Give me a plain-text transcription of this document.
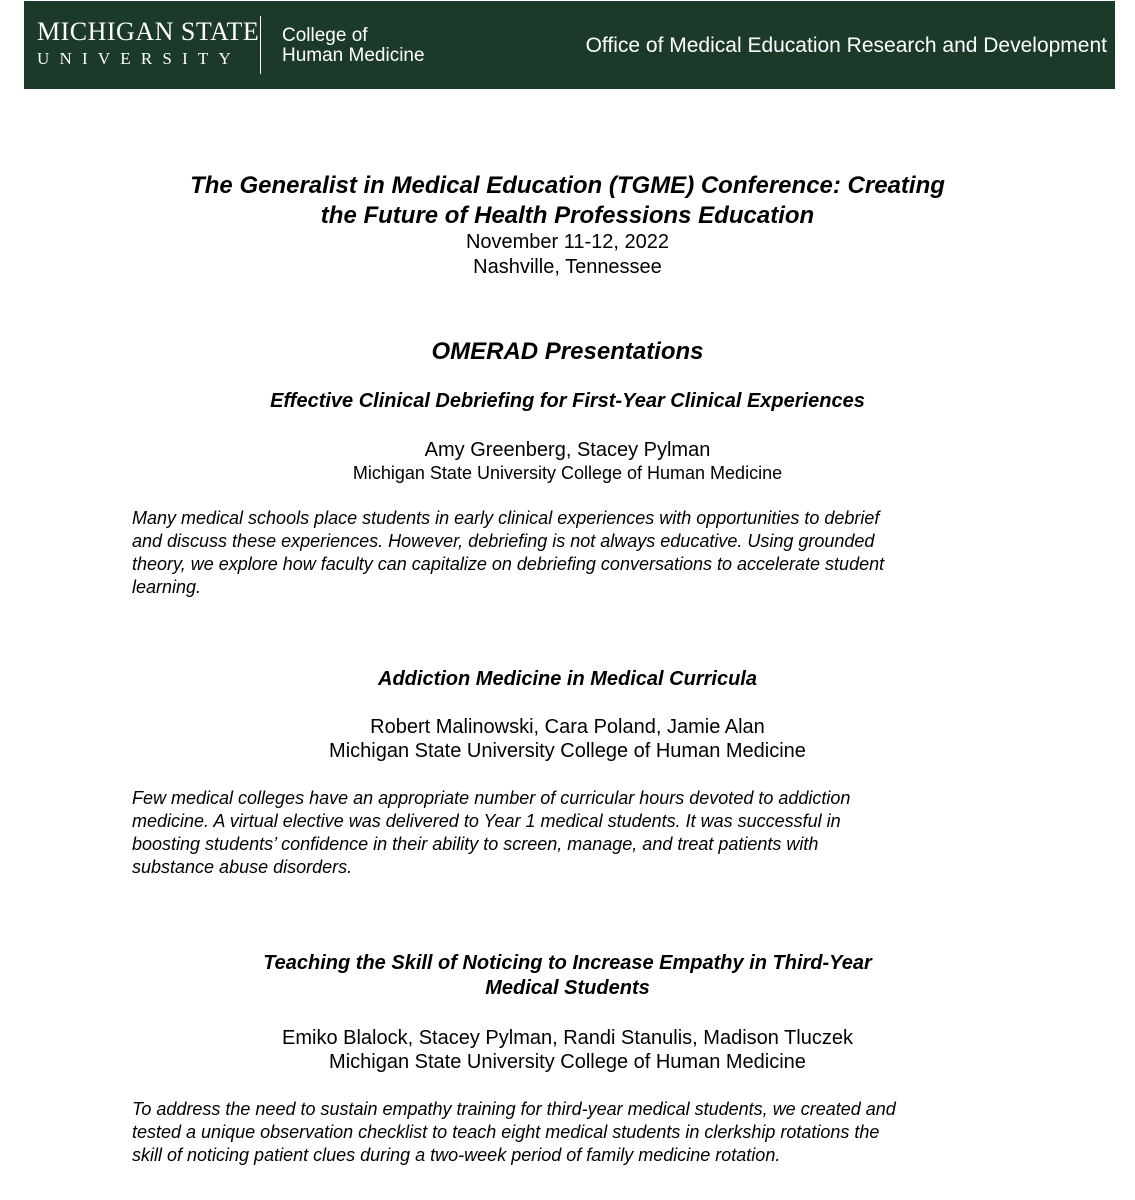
MICHIGAN STATE
UNIVERSITY
College of
Human Medicine	Office of Medical Education Research and Development
The Generalist in Medical Education (TGME) Conference: Creating
the Future of Health Professions Education
November 11-12, 2022
Nashville, Tennessee
OMERAD Presentations
Effective Clinical Debriefing for First-Year Clinical Experiences
Amy Greenberg, Stacey Pylman
Michigan State University College of Human Medicine
Many medical schools place students in early clinical experiences with opportunities to debrief
and discuss these experiences. However, debriefing is not always educative. Using grounded
theory, we explore how faculty can capitalize on debriefing conversations to accelerate student
learning.
Addiction Medicine in Medical Curricula
Robert Malinowski, Cara Poland, Jamie Alan
Michigan State University College of Human Medicine
Few medical colleges have an appropriate number of curricular hours devoted to addiction
medicine. A virtual elective was delivered to Year 1 medical students. It was successful in
boosting students’ confidence in their ability to screen, manage, and treat patients with
substance abuse disorders.
Teaching the Skill of Noticing to Increase Empathy in Third-Year
Medical Students
Emiko Blalock, Stacey Pylman, Randi Stanulis, Madison Tluczek
Michigan State University College of Human Medicine
To address the need to sustain empathy training for third-year medical students, we created and
tested a unique observation checklist to teach eight medical students in clerkship rotations the
skill of noticing patient clues during a two-week period of family medicine rotation.
